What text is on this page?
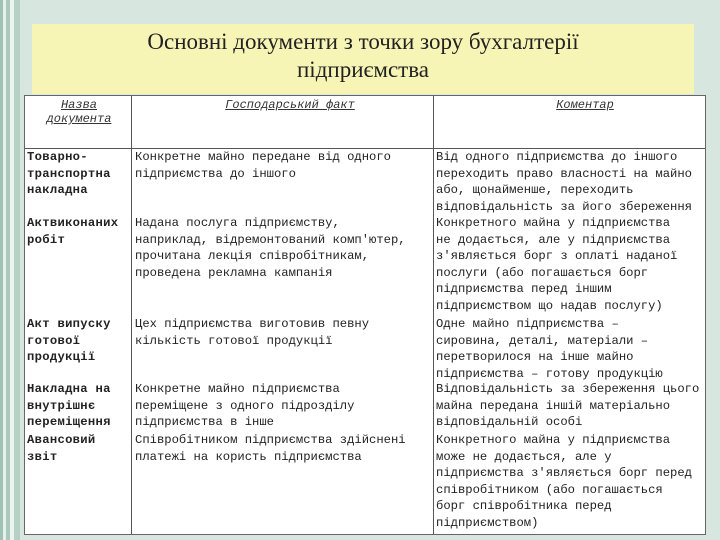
Основні документи з точки зору бухгалтерії
підприємства
Назва
документа
Господарський факт	Коментар
Товарно-
транспортна
накладна
Конкретне майно передане від одного
підприємства до іншого
Від одного підприємства до іншого
переходить право власності на майно
або, щонайменше, переходить
відповідальність за його збереження
Актвиконаних
робіт
Надана послуга підприємству,
наприклад, відремонтований комп'ютер,
прочитана лекція співробітникам,
проведена рекламна кампанія
Конкретного майна у підприємства
не додається, але у підприємства
з'являється борг з оплаті наданої
послуги (або погашається борг
підприємства перед іншим
підприємством що надав послугу)
Акт випуску
готової
продукції
Цех підприємства виготовив певну
кількість готової продукції
Одне майно підприємства –
сировина, деталі, матеріали –
перетворилося на інше майно
підприємства – готову продукцію
Накладна на
внутрішнє
переміщення
Конкретне майно підприємства
переміщене з одного підрозділу
підприємства в інше
Відповідальність за збереження цього
майна передана іншій матеріально
відповідальній особі
Авансовий
звіт
Співробітником підприємства здійснені
платежі на користь підприємства
Конкретного майна у підприємства
може не додається, але у
підприємства з'являється борг перед
співробітником (або погашається
борг співробітника перед
підприємством)
